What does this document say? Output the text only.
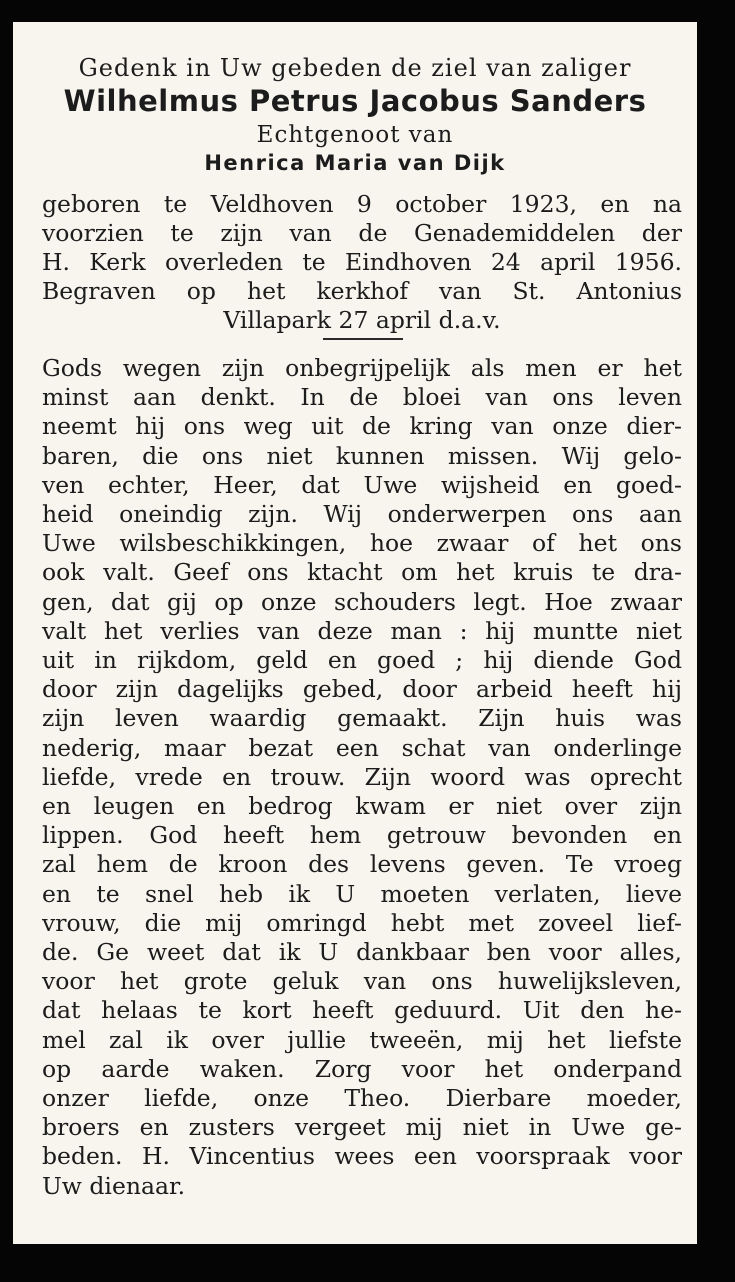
Gedenk in Uw gebeden de ziel van zaliger
Wilhelmus Petrus Jacobus Sanders
Echtgenoot van
Henrica Maria van Dijk
geboren te Veldhoven 9 october 1923, en na
voorzien te zijn van de Genademiddelen der
H. Kerk overleden te Eindhoven 24 april 1956.
Begraven op het kerkhof van St. Antonius
Villapark 27 april d.a.v.
Gods wegen zijn onbegrijpelijk als men er het
minst aan denkt. In de bloei van ons leven
neemt hij ons weg uit de kring van onze dier-
baren, die ons niet kunnen missen. Wij gelo-
ven echter, Heer, dat Uwe wijsheid en goed-
heid oneindig zijn. Wij onderwerpen ons aan
Uwe wilsbeschikkingen, hoe zwaar of het ons
ook valt. Geef ons ktacht om het kruis te dra-
gen, dat gij op onze schouders legt. Hoe zwaar
valt het verlies van deze man : hij muntte niet
uit in rijkdom, geld en goed ; hij diende God
door zijn dagelijks gebed, door arbeid heeft hij
zijn leven waardig gemaakt. Zijn huis was
nederig, maar bezat een schat van onderlinge
liefde, vrede en trouw. Zijn woord was oprecht
en leugen en bedrog kwam er niet over zijn
lippen. God heeft hem getrouw bevonden en
zal hem de kroon des levens geven. Te vroeg
en te snel heb ik U moeten verlaten, lieve
vrouw, die mij omringd hebt met zoveel lief-
de. Ge weet dat ik U dankbaar ben voor alles,
voor het grote geluk van ons huwelijksleven,
dat helaas te kort heeft geduurd. Uit den he-
mel zal ik over jullie tweeën, mij het liefste
op aarde waken. Zorg voor het onderpand
onzer liefde, onze Theo. Dierbare moeder,
broers en zusters vergeet mij niet in Uwe ge-
beden. H. Vincentius wees een voorspraak voor
Uw dienaar.
